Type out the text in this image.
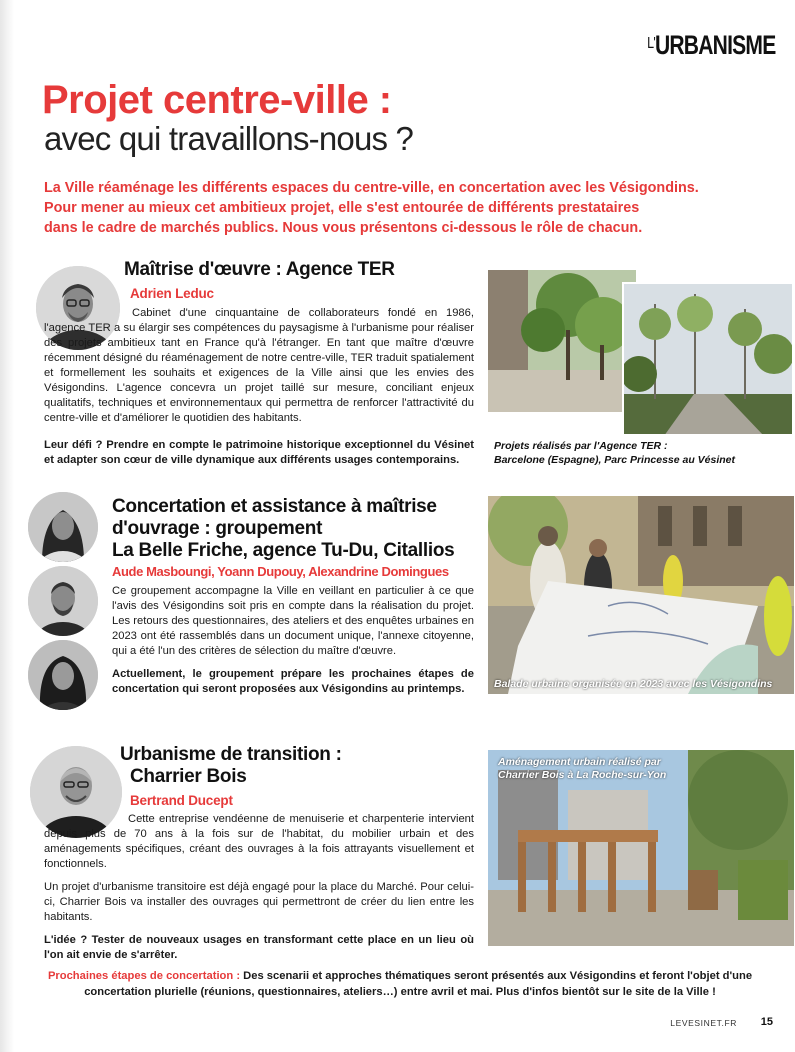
$^{L'}$URBANISME
Projet centre-ville :
avec qui travaillons-nous ?
La Ville réaménage les différents espaces du centre-ville, en concertation avec les Vésigondins.
Pour mener au mieux cet ambitieux projet, elle s'est entourée de différents prestataires
dans le cadre de marchés publics. Nous vous présentons ci-dessous le rôle de chacun.
Maîtrise d'œuvre : Agence TER
Adrien Leduc

Cabinet d'une cinquantaine de collaborateurs fondé en 1986, l'agence TER a su élargir ses compétences du paysagisme à l'urbanisme pour réaliser des projets ambitieux tant en France qu'à l'étranger. En tant que maître d'œuvre récemment désigné du réaménagement de notre centre-ville, TER traduit spatialement et formellement les souhaits et exigences de la Ville ainsi que les envies des Vésigondins. L'agence concevra un projet taillé sur mesure, conciliant enjeux qualitatifs, techniques et environnementaux qui permettra de renforcer l'attractivité du centre-ville et d'améliorer le quotidien des habitants.

Leur défi ? Prendre en compte le patrimoine historique exceptionnel du Vésinet et adapter son cœur de ville dynamique aux différents usages contemporains.

Projets réalisés par l'Agence TER :
Barcelone (Espagne), Parc Princesse au Vésinet
Concertation et assistance à maîtrise
d'ouvrage : groupement
La Belle Friche, agence Tu-Du, Citallios
Aude Masboungi, Yoann Dupouy, Alexandrine Domingues

Ce groupement accompagne la Ville en veillant en particulier à ce que l'avis des Vésigondins soit pris en compte dans la réalisation du projet. Les retours des questionnaires, des ateliers et des enquêtes urbaines en 2023 ont été rassemblés dans un document unique, l'annexe citoyenne, qui a été l'un des critères de sélection du maître d'œuvre.

Actuellement, le groupement prépare les prochaines étapes de concertation qui seront proposées aux Vésigondins au printemps.	Balade urbaine organisée en 2023 avec les Vésigondins
Urbanisme de transition :
Charrier Bois
Bertrand Ducept

Cette entreprise vendéenne de menuiserie et charpenterie intervient depuis plus de 70 ans à la fois sur de l'habitat, du mobilier urbain et des aménagements spécifiques, créant des ouvrages à la fois attrayants visuellement et fonctionnels.

Un projet d'urbanisme transitoire est déjà engagé pour la place du Marché. Pour celui-ci, Charrier Bois va installer des ouvrages qui permettront de créer du lien entre les habitants.

L'idée ? Tester de nouveaux usages en transformant cette place en un lieu où l'on ait envie de s'arrêter.

Aménagement urbain réalisé par
Charrier Bois à La Roche-sur-Yon
Prochaines étapes de concertation : Des scenarii et approches thématiques seront présentés aux Vésigondins et feront l'objet d'une concertation plurielle (réunions, questionnaires, ateliers…) entre avril et mai. Plus d'infos bientôt sur le site de la Ville !
LEVESINET.FR 15
